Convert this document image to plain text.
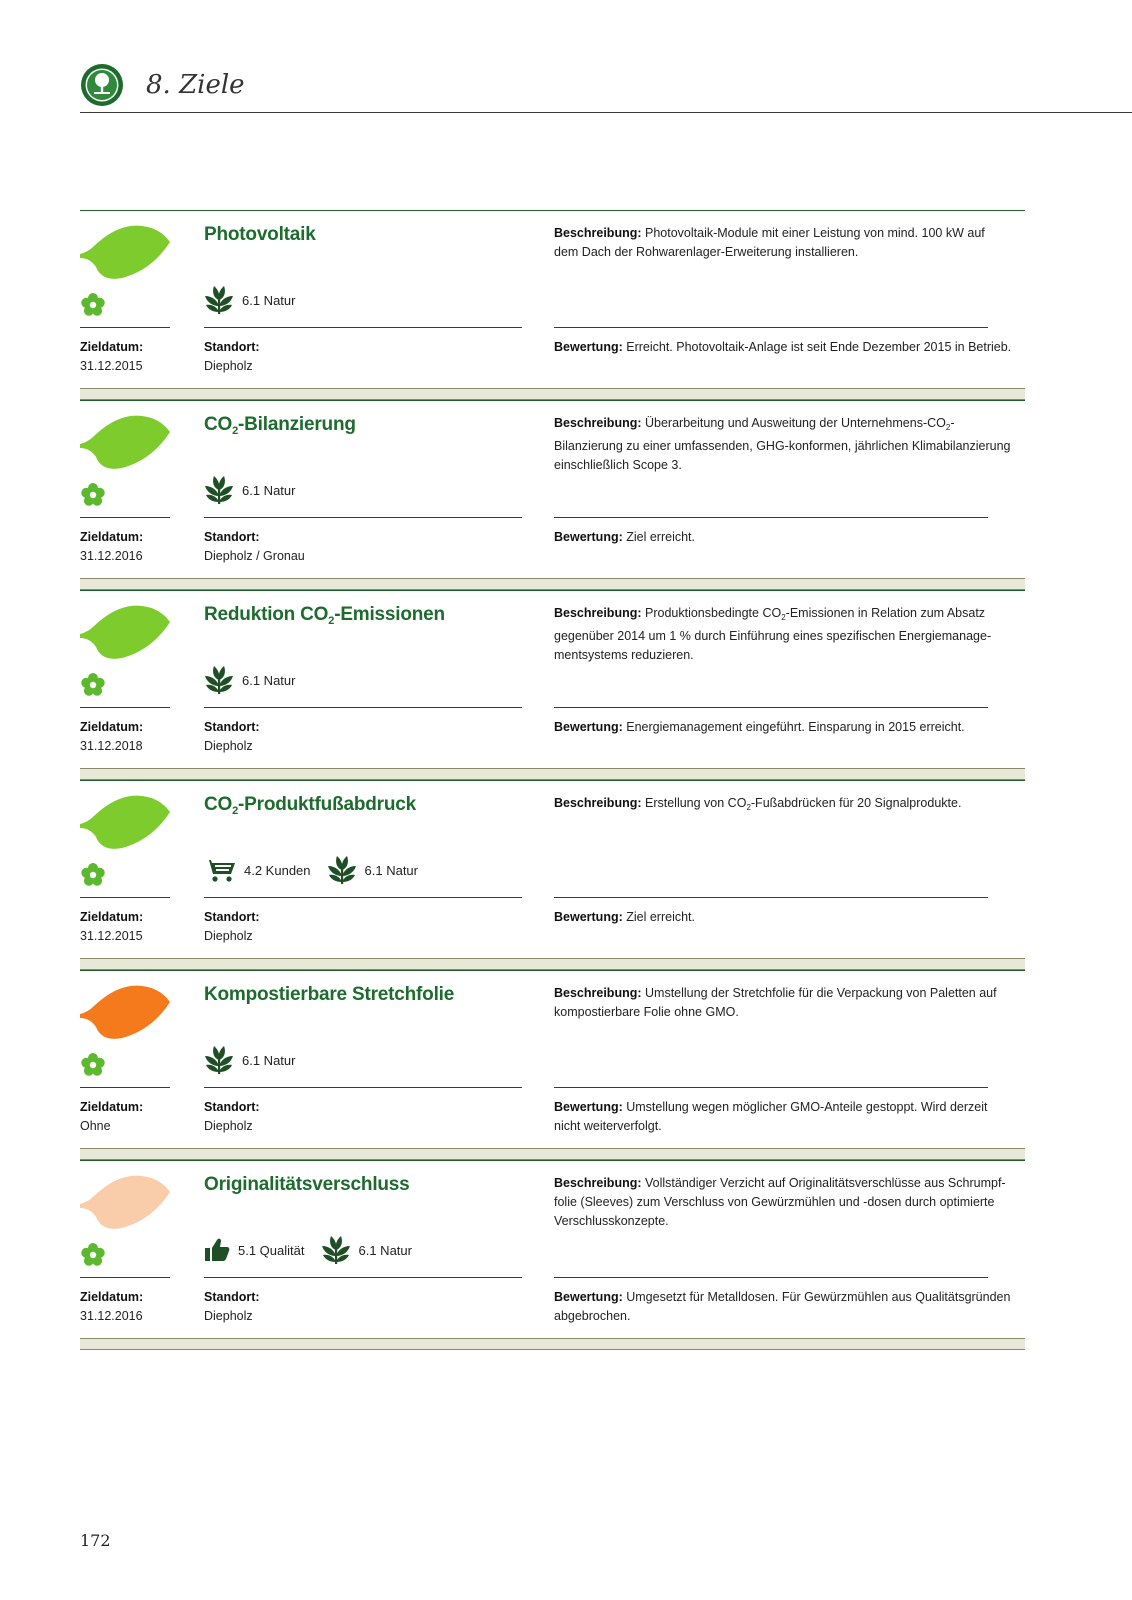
8. Ziele
Photovoltaik
6.1 Natur
Zieldatum:
31.12.2015
Standort:
Diepholz
Beschreibung: Photovoltaik-Module mit einer Leistung von mind. 100 kW auf dem Dach der Rohwarenlager-Erweiterung installieren.
Bewertung: Erreicht. Photovoltaik-Anlage ist seit Ende Dezember 2015 in Betrieb.
$CO_2$-Bilanzierung
6.1 Natur
Zieldatum:
31.12.2016
Standort:
Diepholz / Gronau
Beschreibung: Überarbeitung und Ausweitung der Unternehmens-$CO_2$-Bilanzierung zu einer umfassenden, GHG-konformen, jährlichen Klimabilanzierung einschließlich Scope 3.
Bewertung: Ziel erreicht.
Reduktion $CO_2$-Emissionen
6.1 Natur
Zieldatum:
31.12.2018
Standort:
Diepholz
Beschreibung: Produktionsbedingte $CO_2$-Emissionen in Relation zum Absatz gegenüber 2014 um 1 % durch Einführung eines spezifischen Energiemanagementsystems reduzieren.
Bewertung: Energiemanagement eingeführt. Einsparung in 2015 erreicht.
$CO_2$-Produktfußabdruck
4.2 Kunden	6.1 Natur
Zieldatum:
31.12.2015
Standort:
Diepholz
Beschreibung: Erstellung von $CO_2$-Fußabdrücken für 20 Signalprodukte.
Bewertung: Ziel erreicht.
Kompostierbare Stretchfolie
6.1 Natur
Zieldatum:
Ohne
Standort:
Diepholz
Beschreibung: Umstellung der Stretchfolie für die Verpackung von Paletten auf kompostierbare Folie ohne GMO.
Bewertung: Umstellung wegen möglicher GMO-Anteile gestoppt. Wird derzeit nicht weiterverfolgt.
Originalitätsverschluss
5.1 Qualität	6.1 Natur
Zieldatum:
31.12.2016
Standort:
Diepholz
Beschreibung: Vollständiger Verzicht auf Originalitätsverschlüsse aus Schrumpffolie (Sleeves) zum Verschluss von Gewürzmühlen und -dosen durch optimierte Verschlusskonzepte.
Bewertung: Umgesetzt für Metalldosen. Für Gewürzmühlen aus Qualitätsgründen abgebrochen.
172
